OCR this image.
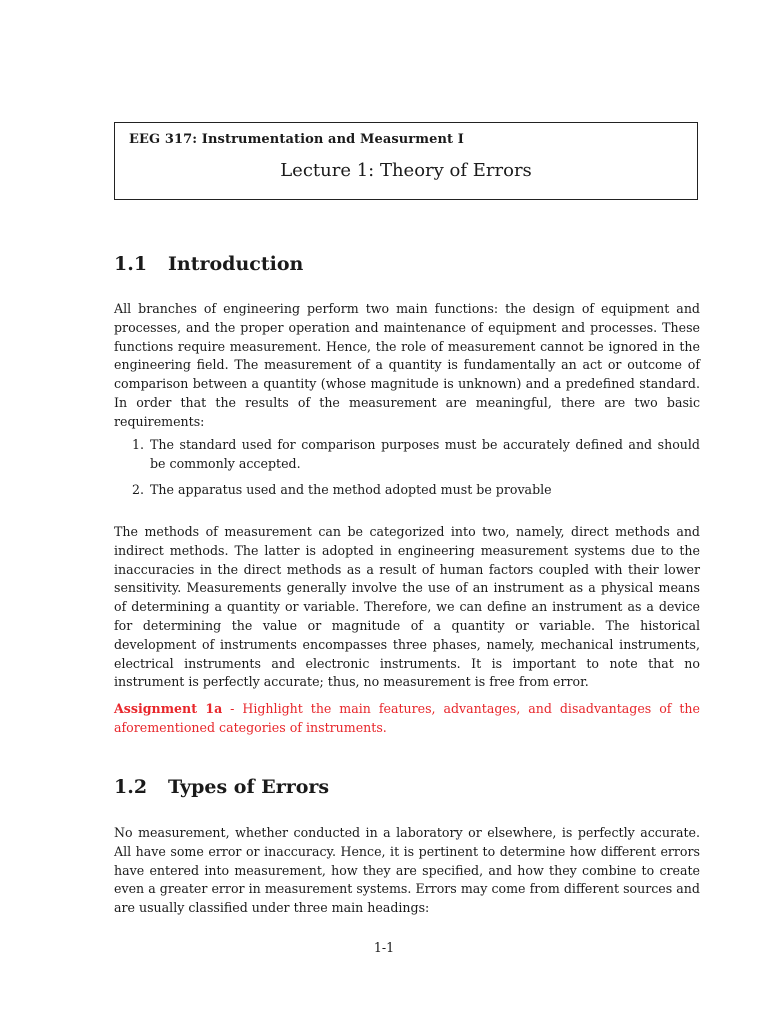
EEG 317: Instrumentation and Measurment I
Lecture 1: Theory of Errors
1.1 Introduction

All branches of engineering perform two main functions: the design of equipment and processes, and the proper operation and maintenance of equipment and processes. These functions require measurement. Hence, the role of measurement cannot be ignored in the engineering field. The measurement of a quantity is fundamentally an act or outcome of comparison between a quantity (whose magnitude is unknown) and a predefined standard. In order that the results of the measurement are meaningful, there are two basic requirements:

1. The standard used for comparison purposes must be accurately defined and should be commonly accepted.
2. The apparatus used and the method adopted must be provable

The methods of measurement can be categorized into two, namely, direct methods and indirect methods. The latter is adopted in engineering measurement systems due to the inaccuracies in the direct methods as a result of human factors coupled with their lower sensitivity. Measurements generally involve the use of an instrument as a physical means of determining a quantity or variable. Therefore, we can define an instrument as a device for determining the value or magnitude of a quantity or variable. The historical development of instruments encompasses three phases, namely, mechanical instruments, electrical instruments and electronic instruments. It is important to note that no instrument is perfectly accurate; thus, no measurement is free from error.

Assignment 1a - Highlight the main features, advantages, and disadvantages of the aforementioned categories of instruments.

1.2 Types of Errors

No measurement, whether conducted in a laboratory or elsewhere, is perfectly accurate. All have some error or inaccuracy. Hence, it is pertinent to determine how different errors have entered into measurement, how they are specified, and how they combine to create even a greater error in measurement systems. Errors may come from different sources and are usually classified under three main headings:

1-1
